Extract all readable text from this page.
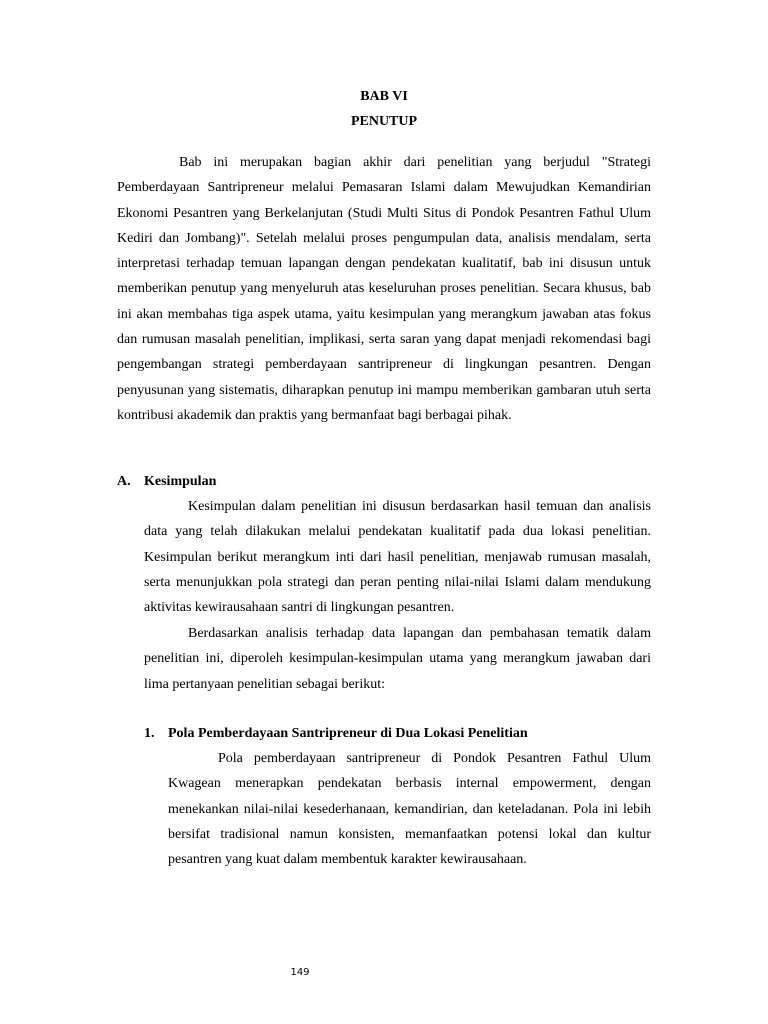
BAB VI
PENUTUP

Bab ini merupakan bagian akhir dari penelitian yang berjudul "Strategi Pemberdayaan Santripreneur melalui Pemasaran Islami dalam Mewujudkan Kemandirian Ekonomi Pesantren yang Berkelanjutan (Studi Multi Situs di Pondok Pesantren Fathul Ulum Kediri dan Jombang)". Setelah melalui proses pengumpulan data, analisis mendalam, serta interpretasi terhadap temuan lapangan dengan pendekatan kualitatif, bab ini disusun untuk memberikan penutup yang menyeluruh atas keseluruhan proses penelitian. Secara khusus, bab ini akan membahas tiga aspek utama, yaitu kesimpulan yang merangkum jawaban atas fokus dan rumusan masalah penelitian, implikasi, serta saran yang dapat menjadi rekomendasi bagi pengembangan strategi pemberdayaan santripreneur di lingkungan pesantren. Dengan penyusunan yang sistematis, diharapkan penutup ini mampu memberikan gambaran utuh serta kontribusi akademik dan praktis yang bermanfaat bagi berbagai pihak.

A. Kesimpulan

Kesimpulan dalam penelitian ini disusun berdasarkan hasil temuan dan analisis data yang telah dilakukan melalui pendekatan kualitatif pada dua lokasi penelitian. Kesimpulan berikut merangkum inti dari hasil penelitian, menjawab rumusan masalah, serta menunjukkan pola strategi dan peran penting nilai-nilai Islami dalam mendukung aktivitas kewirausahaan santri di lingkungan pesantren.

Berdasarkan analisis terhadap data lapangan dan pembahasan tematik dalam penelitian ini, diperoleh kesimpulan-kesimpulan utama yang merangkum jawaban dari lima pertanyaan penelitian sebagai berikut:

1. Pola Pemberdayaan Santripreneur di Dua Lokasi Penelitian

Pola pemberdayaan santripreneur di Pondok Pesantren Fathul Ulum Kwagean menerapkan pendekatan berbasis internal empowerment, dengan menekankan nilai-nilai kesederhanaan, kemandirian, dan keteladanan. Pola ini lebih bersifat tradisional namun konsisten, memanfaatkan potensi lokal dan kultur pesantren yang kuat dalam membentuk karakter kewirausahaan.

149
